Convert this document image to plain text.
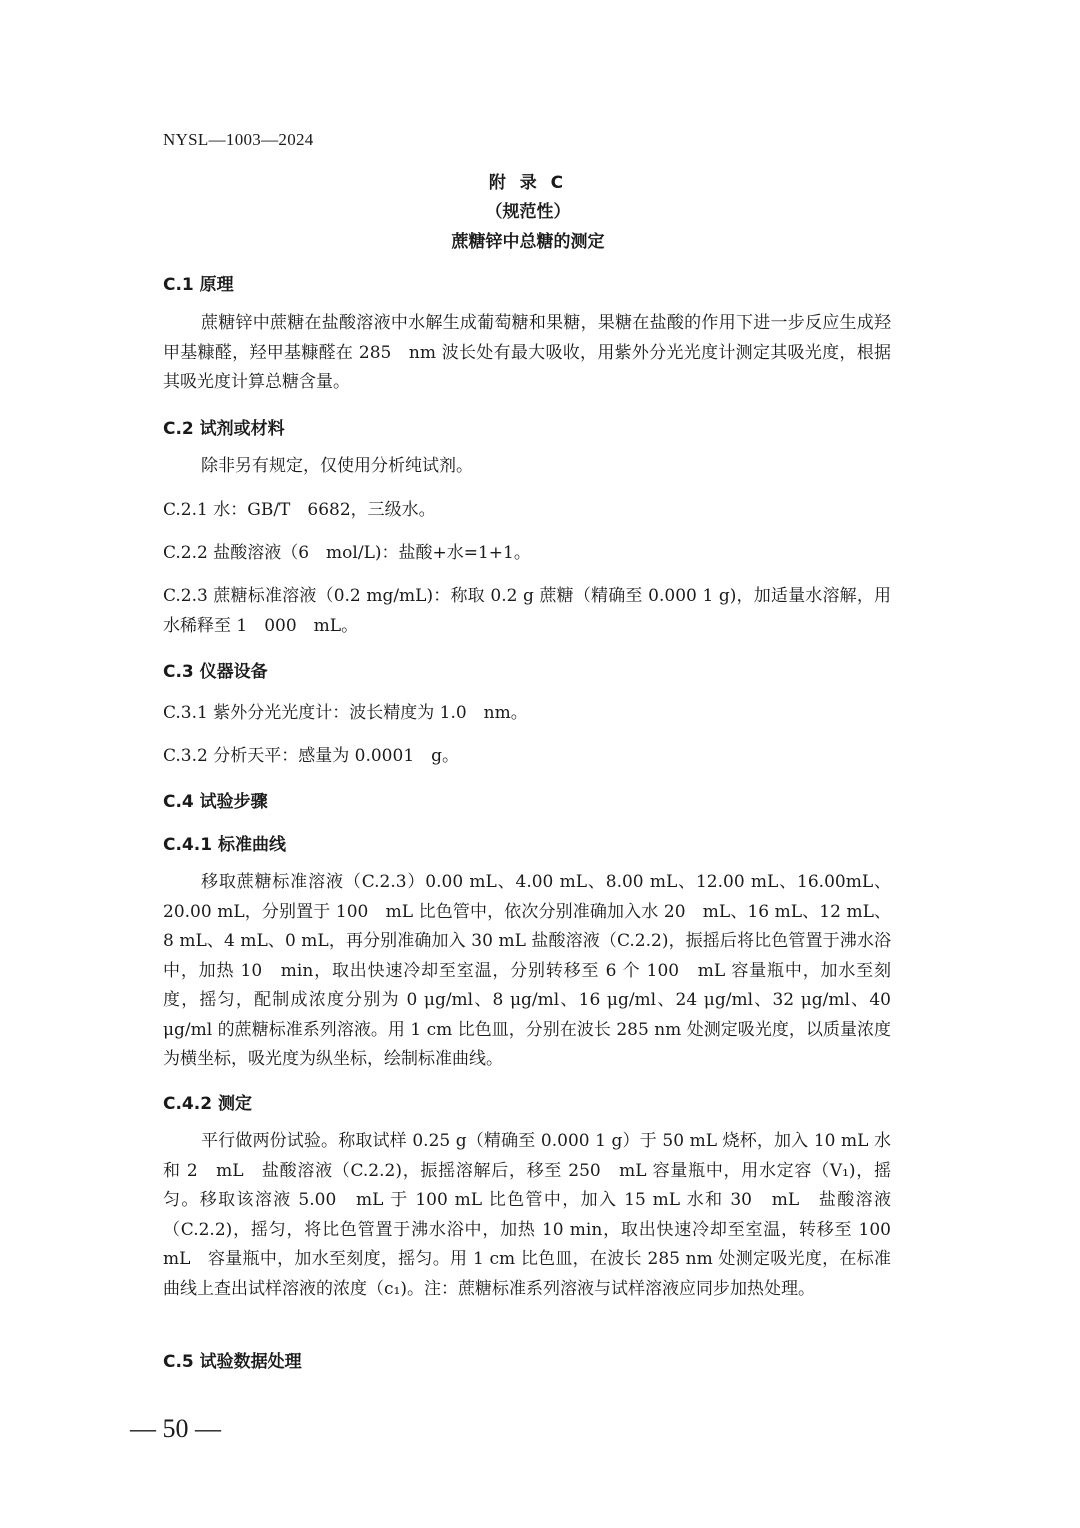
NYSL—1003—2024
附 录 C
（规范性）
蔗糖锌中总糖的测定
C.1 原理
蔗糖锌中蔗糖在盐酸溶液中水解生成葡萄糖和果糖，果糖在盐酸的作用下进一步反应生成羟甲基糠醛，羟甲基糠醛在 285　nm 波长处有最大吸收，用紫外分光光度计测定其吸光度，根据其吸光度计算总糖含量。
C.2 试剂或材料
除非另有规定，仅使用分析纯试剂。
C.2.1 水：GB/T　6682，三级水。
C.2.2 盐酸溶液（6　mol/L)：盐酸+水=1+1。
C.2.3 蔗糖标准溶液（0.2 mg/mL)：称取 0.2 g 蔗糖（精确至 0.000 1 g)，加适量水溶解，用水稀释至 1　000　mL。
C.3 仪器设备
C.3.1 紫外分光光度计：波长精度为 1.0　nm。
C.3.2 分析天平：感量为 0.0001　g。
C.4 试验步骤
C.4.1 标准曲线
移取蔗糖标准溶液（C.2.3）0.00 mL、4.00 mL、8.00 mL、12.00 mL、16.00mL、20.00 mL，分别置于 100　mL 比色管中，依次分别准确加入水 20　mL、16 mL、12 mL、8 mL、4 mL、0 mL，再分别准确加入 30 mL 盐酸溶液（C.2.2)，振摇后将比色管置于沸水浴中，加热 10　min，取出快速冷却至室温，分别转移至 6 个 100　mL 容量瓶中，加水至刻度，摇匀，配制成浓度分别为 0 μg/ml、8 μg/ml、16 μg/ml、24 μg/ml、32 μg/ml、40 μg/ml 的蔗糖标准系列溶液。用 1 cm 比色皿，分别在波长 285 nm 处测定吸光度，以质量浓度为横坐标，吸光度为纵坐标，绘制标准曲线。
C.4.2 测定
平行做两份试验。称取试样 0.25 g（精确至 0.000 1 g）于 50 mL 烧杯，加入 10 mL 水和 2　mL　盐酸溶液（C.2.2)，振摇溶解后，移至 250　mL 容量瓶中，用水定容（V₁)，摇匀。移取该溶液 5.00　mL 于 100 mL 比色管中，加入 15 mL 水和 30　mL　盐酸溶液（C.2.2)，摇匀，将比色管置于沸水浴中，加热 10 min，取出快速冷却至室温，转移至 100 mL　容量瓶中，加水至刻度，摇匀。用 1 cm 比色皿，在波长 285 nm 处测定吸光度，在标准曲线上查出试样溶液的浓度（c₁)。注：蔗糖标准系列溶液与试样溶液应同步加热处理。
C.5 试验数据处理
— 50 —
